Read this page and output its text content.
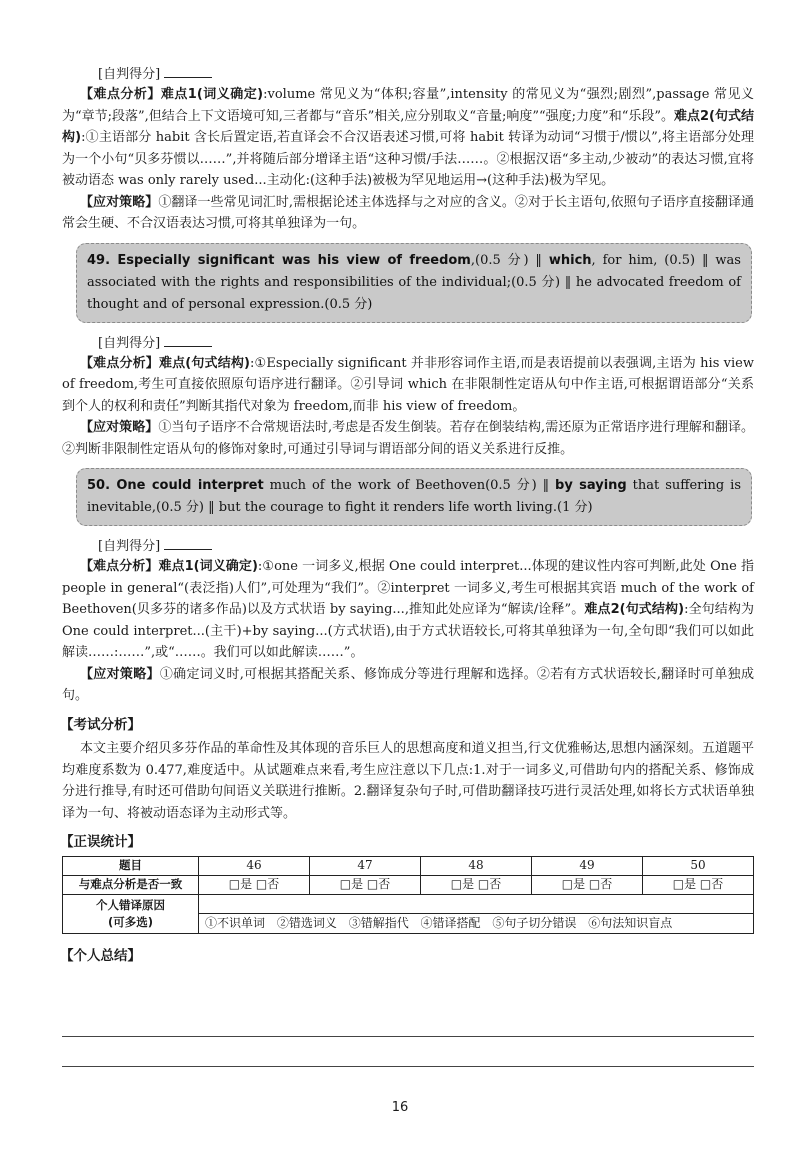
[自判得分]

【难点分析】难点1(词义确定):volume 常见义为“体积;容量”,intensity 的常见义为“强烈;剧烈”,passage 常见义为“章节;段落”,但结合上下文语境可知,三者都与“音乐”相关,应分别取义“音量;响度”“强度;力度”和“乐段”。难点2(句式结构):①主语部分 habit 含长后置定语,若直译会不合汉语表述习惯,可将 habit 转译为动词“习惯于/惯以”,将主语部分处理为一个小句“贝多芬惯以……”,并将随后部分增译主语“这种习惯/手法……。②根据汉语“多主动,少被动”的表达习惯,宜将被动语态 was only rarely used...主动化:(这种手法)被极为罕见地运用→(这种手法)极为罕见。

【应对策略】①翻译一些常见词汇时,需根据论述主体选择与之对应的含义。②对于长主语句,依照句子语序直接翻译通常会生硬、不合汉语表达习惯,可将其单独译为一句。

49. Especially significant was his view of freedom,(0.5 分) ‖ which, for him, (0.5) ‖ was associated with the rights and responsibilities of the individual;(0.5 分) ‖ he advocated freedom of thought and of personal expression.(0.5 分)
[自判得分]

【难点分析】难点(句式结构):①Especially significant 并非形容词作主语,而是表语提前以表强调,主语为 his view of freedom,考生可直接依照原句语序进行翻译。②引导词 which 在非限制性定语从句中作主语,可根据谓语部分“关系到个人的权利和责任”判断其指代对象为 freedom,而非 his view of freedom。

【应对策略】①当句子语序不合常规语法时,考虑是否发生倒装。若存在倒装结构,需还原为正常语序进行理解和翻译。②判断非限制性定语从句的修饰对象时,可通过引导词与谓语部分间的语义关系进行反推。

50. One could interpret much of the work of Beethoven(0.5 分) ‖ by saying that suffering is inevitable,(0.5 分) ‖ but the courage to fight it renders life worth living.(1 分)
[自判得分]

【难点分析】难点1(词义确定):①one 一词多义,根据 One could interpret...体现的建议性内容可判断,此处 One 指 people in general“(表泛指)人们”,可处理为“我们”。②interpret 一词多义,考生可根据其宾语 much of the work of Beethoven(贝多芬的诸多作品)以及方式状语 by saying...,推知此处应译为“解读/诠释”。难点2(句式结构):全句结构为 One could interpret...(主干)+by saying...(方式状语),由于方式状语较长,可将其单独译为一句,全句即“我们可以如此解读……:……”,或“……。我们可以如此解读……”。

【应对策略】①确定词义时,可根据其搭配关系、修饰成分等进行理解和选择。②若有方式状语较长,翻译时可单独成句。

【考试分析】

本文主要介绍贝多芬作品的革命性及其体现的音乐巨人的思想高度和道义担当,行文优雅畅达,思想内涵深刻。五道题平均难度系数为 0.477,难度适中。从试题难点来看,考生应注意以下几点:1.对于一词多义,可借助句内的搭配关系、修饰成分进行推导,有时还可借助句间语义关联进行推断。2.翻译复杂句子时,可借助翻译技巧进行灵活处理,如将长方式状语单独译为一句、将被动语态译为主动形式等。

【正误统计】
题目	46	47	48	49	50
与难点分析是否一致	□是 □否	□是 □否	□是 □否	□是 □否	□是 □否

个人错译原因
(可多选)					

	①不识单词 ②错选词义 ③错解指代 ④错译搭配 ⑤句子切分错误 ⑥句法知识盲点				
【个人总结】
16
